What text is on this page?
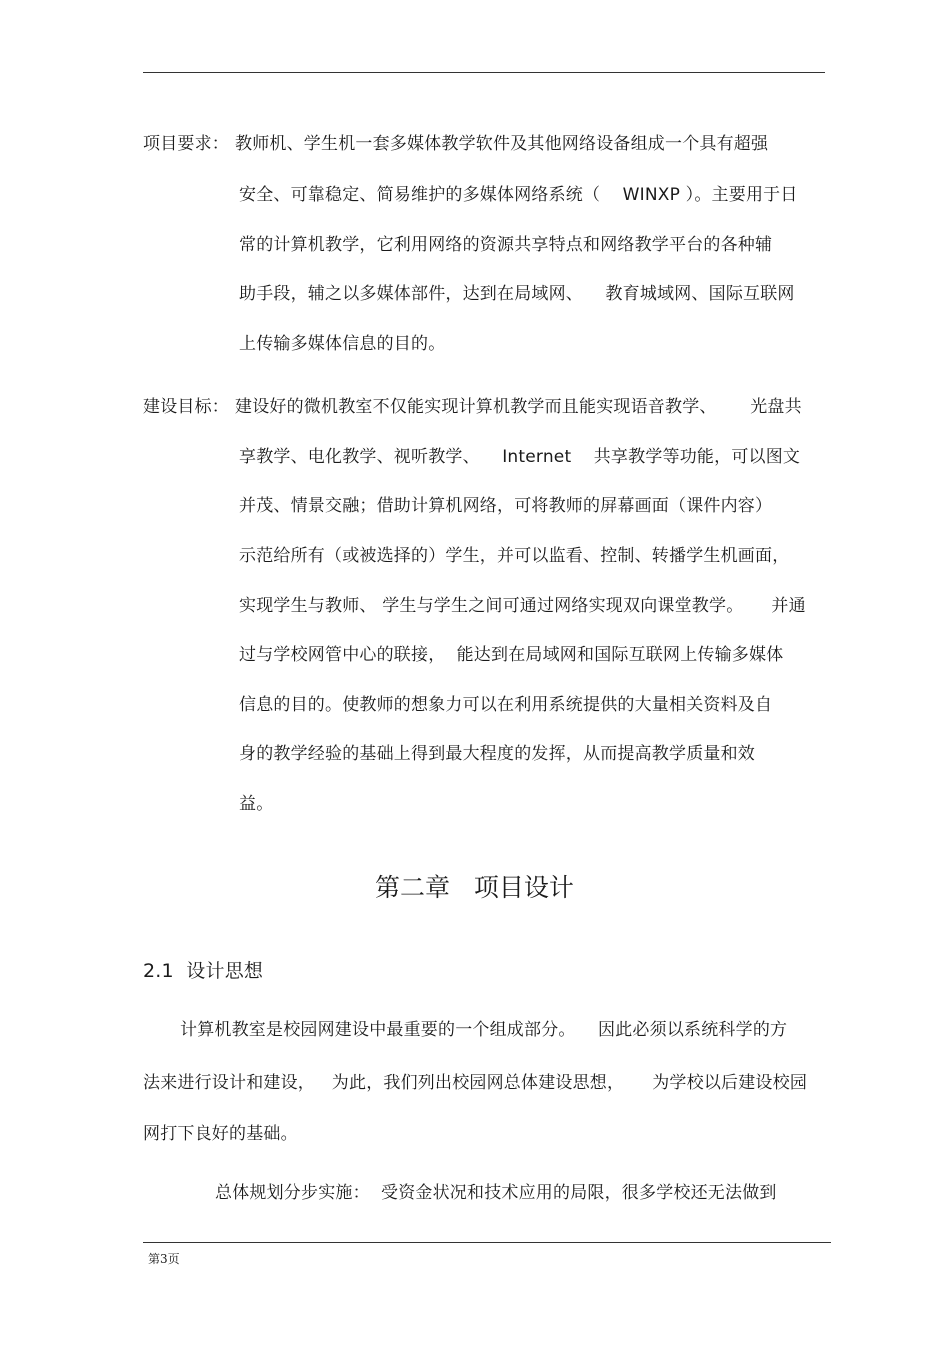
项目要求： 教师机、学生机一套多媒体教学软件及其他网络设备组成一个具有超强
安全、可靠稳定、简易维护的多媒体网络系统（    WINXP ）。主要用于日
常的计算机教学，它利用网络的资源共享特点和网络教学平台的各种辅
助手段，辅之以多媒体部件，达到在局域网、    教育城域网、国际互联网
上传输多媒体信息的目的。
建设目标： 建设好的微机教室不仅能实现计算机教学而且能实现语音教学、      光盘共
享教学、电化教学、视听教学、    Internet    共享教学等功能，可以图文
并茂、情景交融；借助计算机网络，可将教师的屏幕画面（课件内容）
示范给所有（或被选择的）学生，并可以监看、控制、转播学生机画面，
实现学生与教师、 学生与学生之间可通过网络实现双向课堂教学。     并通
过与学校网管中心的联接，  能达到在局域网和国际互联网上传输多媒体
信息的目的。使教师的想象力可以在利用系统提供的大量相关资料及自
身的教学经验的基础上得到最大程度的发挥，从而提高教学质量和效
益。
第二章   项目设计
2.1  设计思想
计算机教室是校园网建设中最重要的一个组成部分。    因此必须以系统科学的方
法来进行设计和建设，   为此，我们列出校园网总体建设思想，     为学校以后建设校园
网打下良好的基础。
总体规划分步实施：  受资金状况和技术应用的局限，很多学校还无法做到
第3页
